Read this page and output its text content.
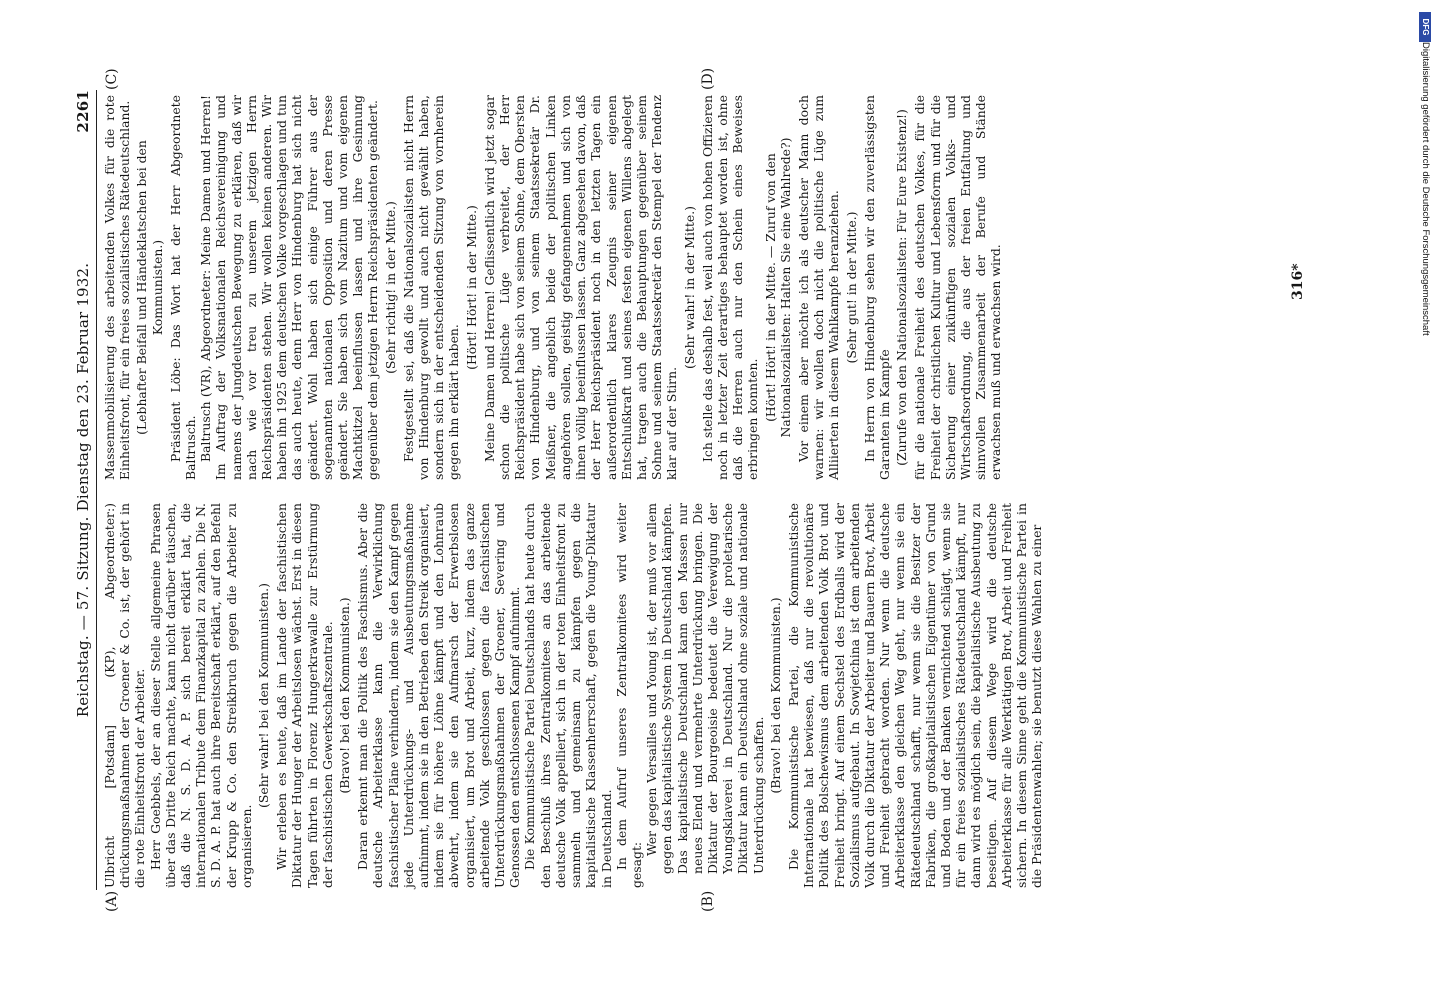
Reichstag. — 57. Sitzung. Dienstag den 23. Februar 1932.
2261
(A)	(B)
(C)	(D)

Ulbricht [Potsdam] (KP), Abgeordneter:) drückungsmaßnahmen der Groener & Co. ist, der gehört in die rote Einheitsfront der Arbeiter. Herr Goebbels, der an dieser Stelle allgemeine Phrasen über das Dritte Reich machte, kann nicht darüber täuschen, daß die N. S. D. A. P. sich bereit erklärt hat, die internationalen Tribute dem Finanzkapital zu zahlen. Die N. S. D. A. P. hat auch ihre Bereitschaft erklärt, auf den Befehl der Krupp & Co. den Streikbruch gegen die Arbeiter zu organisieren.

(Sehr wahr! bei den Kommunisten.) Wir erleben es heute, daß im Lande der faschistischen Diktatur der Hunger der Arbeitslosen wächst. Erst in diesen Tagen führten in Florenz Hungerkrawalle zur Erstürmung der faschistischen Gewerkschaftszentrale. (Bravo! bei den Kommunisten.) Daran erkennt man die Politik des Faschismus. Aber die deutsche Arbeiterklasse kann die Verwirklichung faschistischer Pläne verhindern, indem sie den Kampf gegen jede Unterdrückungs- und Ausbeutungsmaßnahme aufnimmt, indem sie in den Betrieben den Streik organisiert, indem sie für höhere Löhne kämpft und den Lohnraub abwehrt, indem sie den Aufmarsch der Erwerbslosen organisiert, um Brot und Arbeit, kurz, indem das ganze arbeitende Volk geschlossen gegen die faschistischen Unterdrückungsmaßnahmen der Groener, Severing und Genossen den entschlossenen Kampf aufnimmt. Die Kommunistische Partei Deutschlands hat heute durch den Beschluß ihres Zentralkomitees an das arbeitende deutsche Volk appelliert, sich in der roten Einheitsfront zu sammeln und gemeinsam zu kämpfen gegen die kapitalistische Klassenherrschaft, gegen die Young-Diktatur in Deutschland. In dem Aufruf unseres Zentralkomitees wird weiter gesagt:

Wer gegen Versailles und Young ist, der muß vor allem gegen das kapitalistische System in Deutschland kämpfen. Das kapitalistische Deutschland kann den Massen nur neues Elend und vermehrte Unterdrückung bringen. Die Diktatur der Bourgeoisie bedeutet die Verewigung der Youngsklaverei in Deutschland. Nur die proletarische Diktatur kann ein Deutschland ohne soziale und nationale Unterdrückung schaffen.

(Bravo! bei den Kommunisten.) Die Kommunistische Partei, die Kommunistische Internationale hat bewiesen, daß nur die revolutionäre Politik des Bolschewismus dem arbeitenden Volk Brot und Freiheit bringt. Auf einem Sechstel des Erdballs wird der Sozialismus aufgebaut. In Sowjetchina ist dem arbeitenden Volk durch die Diktatur der Arbeiter und Bauern Brot, Arbeit und Freiheit gebracht worden. Nur wenn die deutsche Arbeiterklasse den gleichen Weg geht, nur wenn sie ein Rätedeutschland schafft, nur wenn sie die Besitzer der Fabriken, die großkapitalistischen Eigentümer von Grund und Boden und der Banken vernichtend schlägt, wenn sie für ein freies sozialistisches Rätedeutschland kämpft, nur dann wird es möglich sein, die kapitalistische Ausbeutung zu beseitigen. Auf diesem Wege wird die deutsche Arbeiterklasse für alle Werktätigen Brot, Arbeit und Freiheit sichern. In diesem Sinne geht die Kommunistische Partei in die Präsidentenwahlen; sie benutzt diese Wahlen zu einer

Massenmobilisierung des arbeitenden Volkes für die rote Einheitsfront, für ein freies sozialistisches Rätedeutschland. (Lebhafter Beifall und Händeklatschen bei den Kommunisten.) Präsident Löbe: Das Wort hat der Herr Abgeordnete Baltrusch. Baltrusch (VR), Abgeordneter: Meine Damen und Herren! Im Auftrag der Volksnationalen Reichsvereinigung und namens der Jungdeutschen Bewegung zu erklären, daß wir nach wie vor treu zu unserem jetzigen Herrn Reichspräsidenten stehen. Wir wollen keinen anderen. Wir haben ihn 1925 dem deutschen Volke vorgeschlagen und tun das auch heute, denn Herr von Hindenburg hat sich nicht geändert. Wohl haben sich einige Führer aus der sogenannten nationalen Opposition und deren Presse geändert. Sie haben sich vom Nazitum und vom eigenen Machtkitzel beeinflussen lassen und ihre Gesinnung gegenüber dem jetzigen Herrn Reichspräsidenten geändert. (Sehr richtig! in der Mitte.) Festgestellt sei, daß die Nationalsozialisten nicht Herrn von Hindenburg gewollt und auch nicht gewählt haben, sondern sich in der entscheidenden Sitzung von vornherein gegen ihn erklärt haben.

(Hört! Hört! in der Mitte.) Meine Damen und Herren! Geflissentlich wird jetzt sogar schon die politische Lüge verbreitet, der Herr Reichspräsident habe sich von seinem Sohne, dem Obersten von Hindenburg, und von seinem Staatssekretär Dr. Meißner, die angeblich beide der politischen Linken angehören sollen, geistig gefangennehmen und sich von ihnen völlig beeinflussen lassen. Ganz abgesehen davon, daß der Herr Reichspräsident noch in den letzten Tagen ein außerordentlich klares Zeugnis seiner eigenen Entschlußkraft und seines festen eigenen Willens abgelegt hat, tragen auch die Behauptungen gegenüber seinem Sohne und seinem Staatssekretär den Stempel der Tendenz klar auf der Stirn.

(Sehr wahr! in der Mitte.) Ich stelle das deshalb fest, weil auch von hohen Offizieren noch in letzter Zeit derartiges behauptet worden ist, ohne daß die Herren auch nur den Schein eines Beweises erbringen konnten. (Hört! Hört! in der Mitte. — Zuruf von den Nationalsozialisten: Halten Sie eine Wahlrede?) Vor einem aber möchte ich als deutscher Mann doch warnen: wir wollen doch nicht die politische Lüge zum Alliierten in diesem Wahlkampfe heranziehen. (Sehr gut! in der Mitte.) In Herrn von Hindenburg sehen wir den zuverlässigsten Garanten im Kampfe (Zurufe von den Nationalsozialisten: Für Eure Existenz!) für die nationale Freiheit des deutschen Volkes, für die Freiheit der christlichen Kultur und Lebensform und für die Sicherung einer zukünftigen sozialen Volks- und Wirtschaftsordnung, die aus der freien Entfaltung und sinnvollen Zusammenarbeit der Berufe und Stände erwachsen muß und erwachsen wird.	316*
DFG
Digitalisierung gefördert durch die Deutsche Forschungsgemeinschaft
